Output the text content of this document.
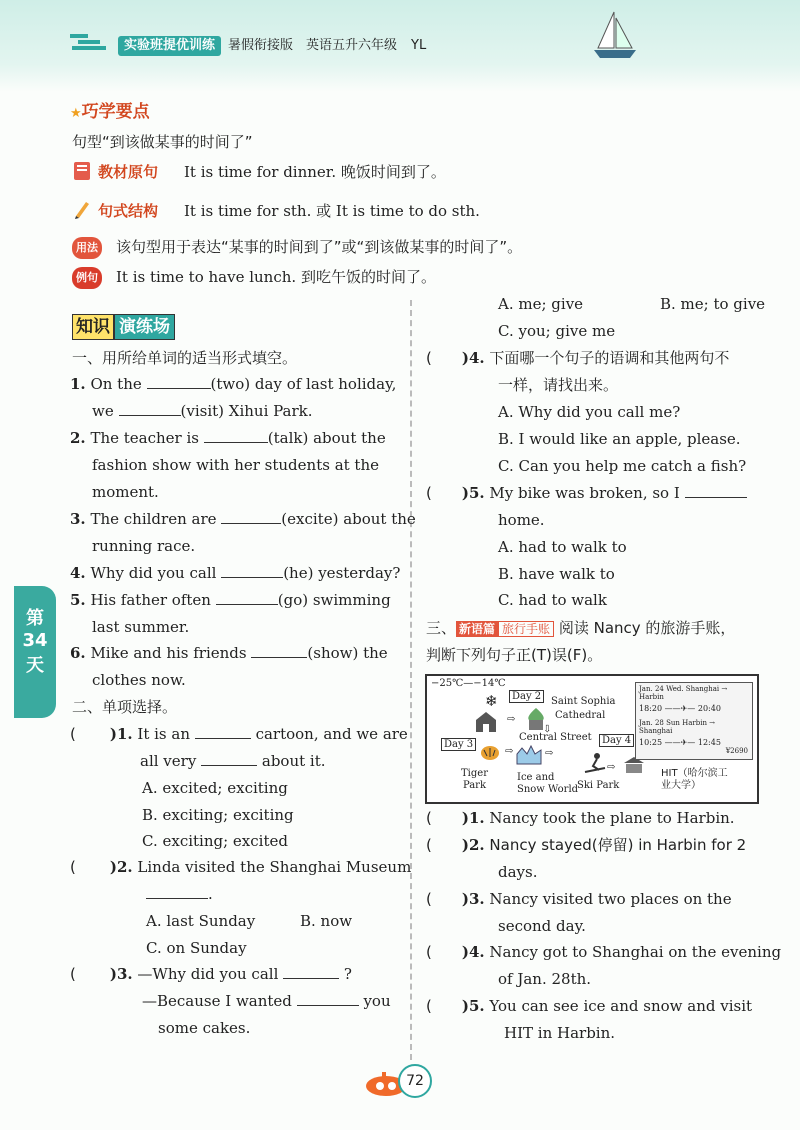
实验班提优训练 暑假衔接版 英语五升六年级 YL
★巧学要点
句型“到该做某事的时间了”
教材原句 It is time for dinner. 晚饭时间到了。
句式结构 It is time for sth. 或 It is time to do sth.
用法 该句型用于表达“某事的时间到了”或“到该做某事的时间了”。
例句 It is time to have lunch. 到吃午饭的时间了。
知识 演练场
第
34
天
一、用所给单词的适当形式填空。
1. On the	(two) day of last holiday,
we	(visit) Xihui Park.
2. The teacher is	(talk) about the
fashion show with her students at the
moment.
3. The children are	(excite) about the
running race.
4. Why did you call	(he) yesterday?
5. His father often	(go) swimming
last summer.
6. Mike and his friends	(show) the
clothes now.
二、单项选择。
( )1. It is an	cartoon, and we are
all very	about it.
A. excited; exciting
B. exciting; exciting
C. exciting; excited
( )2. Linda visited the Shanghai Museum
.
A. last Sunday	B. now
C. on Sunday
( )3. —Why did you call	?
—Because I wanted	you
some cakes.
A. me; give	B. me; to give
C. you; give me
( )4. 下面哪一个句子的语调和其他两句不
一样，请找出来。
A. Why did you call me?
B. I would like an apple, please.
C. Can you help me catch a fish?
( )5. My bike was broken, so I
home.
A. had to walk to
B. have walk to
C. had to walk
三、 新语篇 旅行手账 阅读 Nancy 的旅游手账，
判断下列句子正(T)误(F)。
−25℃—−14℃
❄	Day 2
⇨
Saint Sophia
Cathedral
⇩
Central Street
Day 3
⇨	⇨
Day 4
⇨
Tiger
Park
Ice and
Snow World
Ski Park
HIT（哈尔滨工
业大学）
Jan. 24 Wed. Shanghai → Harbin
18:20 ——✈— 20:40
Jan. 28 Sun Harbin → Shanghai
10:25 ——✈— 12:45
¥2690
( )1. Nancy took the plane to Harbin.
( )2. Nancy stayed(停留) in Harbin for 2
days.
( )3. Nancy visited two places on the
second day.
( )4. Nancy got to Shanghai on the evening
of Jan. 28th.
( )5. You can see ice and snow and visit
HIT in Harbin.
72
